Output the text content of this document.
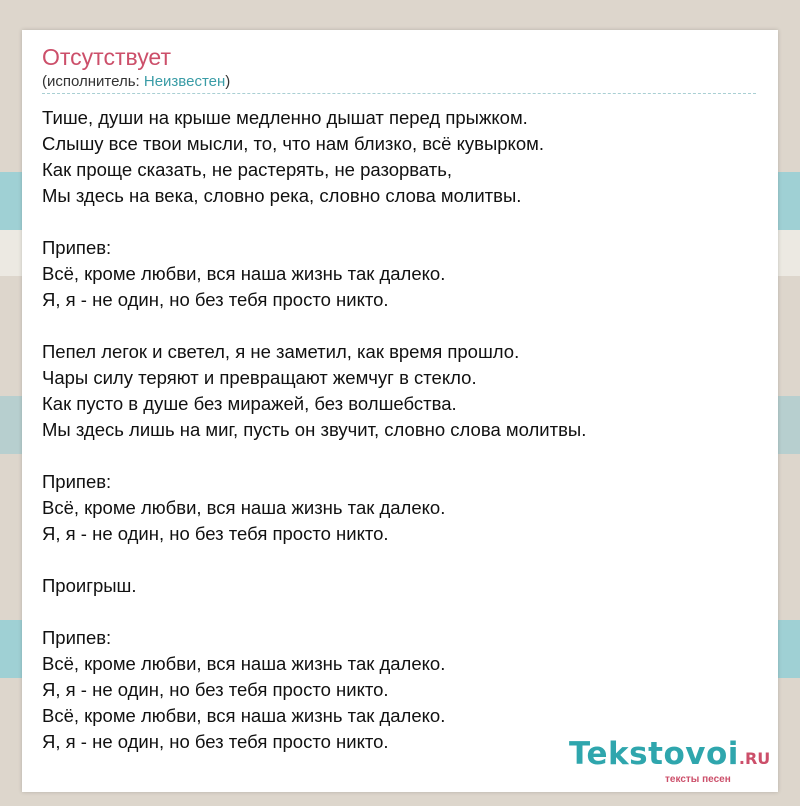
Отсутствует
(исполнитель: Неизвестен)
Тише, души на крыше медленно дышат перед прыжком.
Слышу все твои мысли, то, что нам близко, всё кувырком.
Как проще сказать, не растерять, не разорвать,
Мы здесь на века, словно река, словно слова молитвы.
Припев:
Всё, кроме любви, вся наша жизнь так далеко.
Я, я - не один, но без тебя просто никто.
Пепел легок и светел, я не заметил, как время прошло.
Чары силу теряют и превращают жемчуг в стекло.
Как пусто в душе без миражей, без волшебства.
Мы здесь лишь на миг, пусть он звучит, словно слова молитвы.
Припев:
Всё, кроме любви, вся наша жизнь так далеко.
Я, я - не один, но без тебя просто никто.
Проигрыш.
Припев:
Всё, кроме любви, вся наша жизнь так далеко.
Я, я - не один, но без тебя просто никто.
Всё, кроме любви, вся наша жизнь так далеко.
Я, я - не один, но без тебя просто никто.	Tekstovoi.RU
тексты песен
